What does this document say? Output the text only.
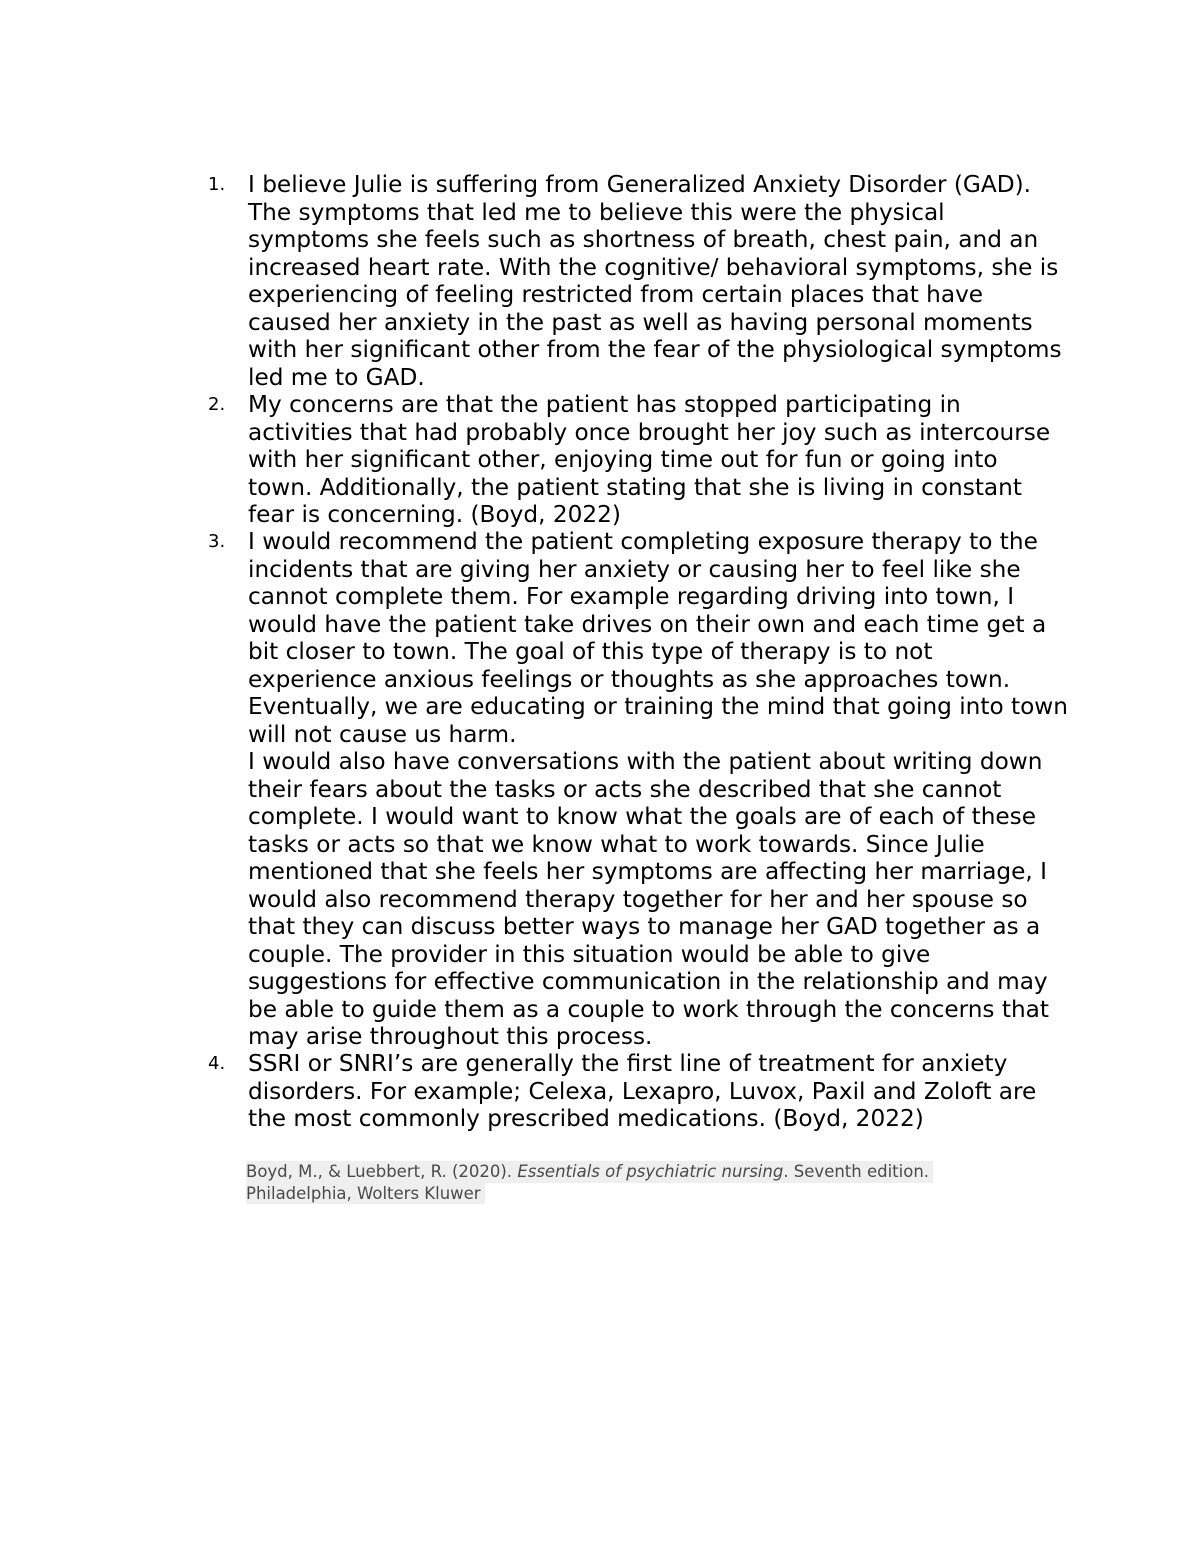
1. I believe Julie is suffering from Generalized Anxiety Disorder (GAD). The symptoms that led me to believe this were the physical symptoms she feels such as shortness of breath, chest pain, and an increased heart rate. With the cognitive/ behavioral symptoms, she is experiencing of feeling restricted from certain places that have caused her anxiety in the past as well as having personal moments with her significant other from the fear of the physiological symptoms led me to GAD.

2. My concerns are that the patient has stopped participating in activities that had probably once brought her joy such as intercourse with her significant other, enjoying time out for fun or going into town. Additionally, the patient stating that she is living in constant fear is concerning. (Boyd, 2022)

3. I would recommend the patient completing exposure therapy to the incidents that are giving her anxiety or causing her to feel like she cannot complete them. For example regarding driving into town, I would have the patient take drives on their own and each time get a bit closer to town. The goal of this type of therapy is to not experience anxious feelings or thoughts as she approaches town. Eventually, we are educating or training the mind that going into town will not cause us harm.

I would also have conversations with the patient about writing down their fears about the tasks or acts she described that she cannot complete. I would want to know what the goals are of each of these tasks or acts so that we know what to work towards. Since Julie mentioned that she feels her symptoms are affecting her marriage, I would also recommend therapy together for her and her spouse so that they can discuss better ways to manage her GAD together as a couple. The provider in this situation would be able to give suggestions for effective communication in the relationship and may be able to guide them as a couple to work through the concerns that may arise throughout this process.

4. SSRI or SNRI’s are generally the first line of treatment for anxiety disorders. For example; Celexa, Lexapro, Luvox, Paxil and Zoloft are the most commonly prescribed medications. (Boyd, 2022)

Boyd, M., & Luebbert, R. (2020). Essentials of psychiatric nursing. Seventh edition.
Philadelphia, Wolters Kluwer
